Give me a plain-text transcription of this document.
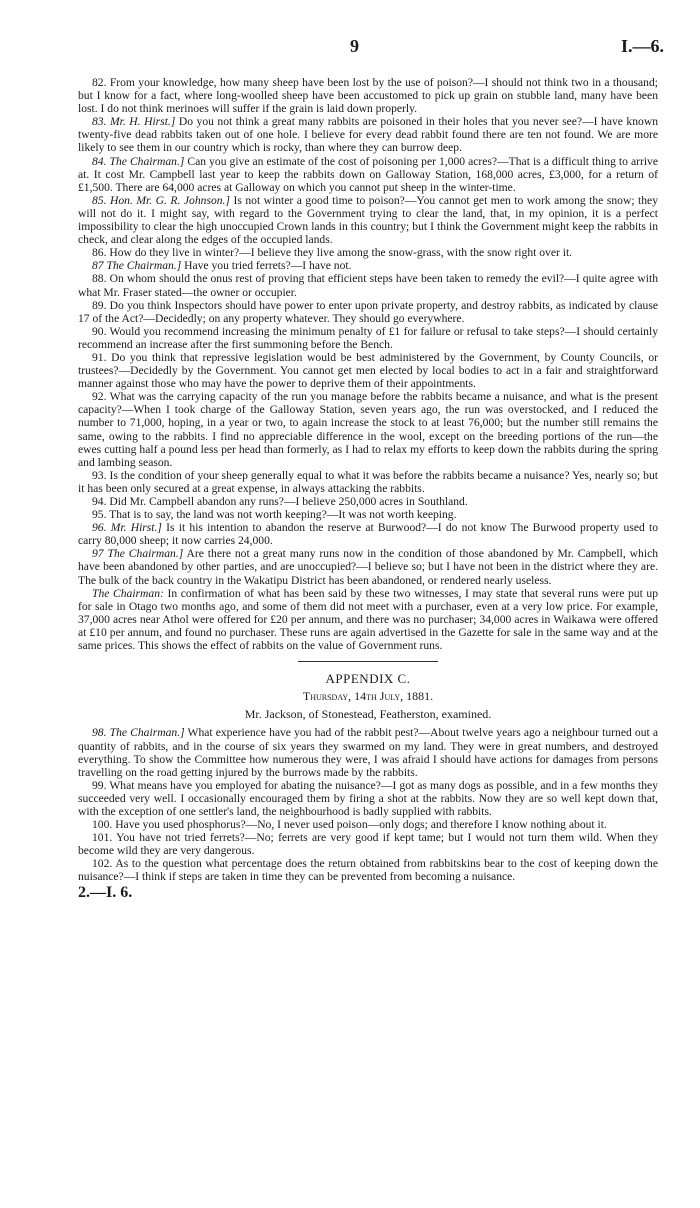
9	I.—6.

82. From your knowledge, how many sheep have been lost by the use of poison?—I should not think two in a thousand; but I know for a fact, where long-woolled sheep have been accustomed to pick up grain on stubble land, many have been lost. I do not think merinoes will suffer if the grain is laid down properly.

83. Mr. H. Hirst.] Do you not think a great many rabbits are poisoned in their holes that you never see?—I have known twenty-five dead rabbits taken out of one hole. I believe for every dead rabbit found there are ten not found. We are more likely to see them in our country which is rocky, than where they can burrow deep.

84. The Chairman.] Can you give an estimate of the cost of poisoning per 1,000 acres?—That is a difficult thing to arrive at. It cost Mr. Campbell last year to keep the rabbits down on Galloway Station, 168,000 acres, £3,000, for a return of £1,500. There are 64,000 acres at Galloway on which you cannot put sheep in the winter-time.

85. Hon. Mr. G. R. Johnson.] Is not winter a good time to poison?—You cannot get men to work among the snow; they will not do it. I might say, with regard to the Government trying to clear the land, that, in my opinion, it is a perfect impossibility to clear the high unoccupied Crown lands in this country; but I think the Government might keep the rabbits in check, and clear along the edges of the occupied lands.

86. How do they live in winter?—I believe they live among the snow-grass, with the snow right over it.

87 The Chairman.] Have you tried ferrets?—I have not.

88. On whom should the onus rest of proving that efficient steps have been taken to remedy the evil?—I quite agree with what Mr. Fraser stated—the owner or occupier.

89. Do you think Inspectors should have power to enter upon private property, and destroy rabbits, as indicated by clause 17 of the Act?—Decidedly; on any property whatever. They should go everywhere.

90. Would you recommend increasing the minimum penalty of £1 for failure or refusal to take steps?—I should certainly recommend an increase after the first summoning before the Bench.

91. Do you think that repressive legislation would be best administered by the Government, by County Councils, or trustees?—Decidedly by the Government. You cannot get men elected by local bodies to act in a fair and straightforward manner against those who may have the power to deprive them of their appointments.

92. What was the carrying capacity of the run you manage before the rabbits became a nuisance, and what is the present capacity?—When I took charge of the Galloway Station, seven years ago, the run was overstocked, and I reduced the number to 71,000, hoping, in a year or two, to again increase the stock to at least 76,000; but the number still remains the same, owing to the rabbits. I find no appreciable difference in the wool, except on the breeding portions of the run—the ewes cutting half a pound less per head than formerly, as I had to relax my efforts to keep down the rabbits during the spring and lambing season.

93. Is the condition of your sheep generally equal to what it was before the rabbits became a nuisance? Yes, nearly so; but it has been only secured at a great expense, in always attacking the rabbits.

94. Did Mr. Campbell abandon any runs?—I believe 250,000 acres in Southland.

95. That is to say, the land was not worth keeping?—It was not worth keeping.

96. Mr. Hirst.] Is it his intention to abandon the reserve at Burwood?—I do not know The Burwood property used to carry 80,000 sheep; it now carries 24,000.

97 The Chairman.] Are there not a great many runs now in the condition of those abandoned by Mr. Campbell, which have been abandoned by other parties, and are unoccupied?—I believe so; but I have not been in the district where they are. The bulk of the back country in the Wakatipu District has been abandoned, or rendered nearly useless.

The Chairman: In confirmation of what has been said by these two witnesses, I may state that several runs were put up for sale in Otago two months ago, and some of them did not meet with a purchaser, even at a very low price. For example, 37,000 acres near Athol were offered for £20 per annum, and there was no purchaser; 34,000 acres in Waikawa were offered at £10 per annum, and found no purchaser. These runs are again advertised in the Gazette for sale in the same way and at the same prices. This shows the effect of rabbits on the value of Government runs.

APPENDIX C.

Thursday, 14th July, 1881.

Mr. Jackson, of Stonestead, Featherston, examined.

98. The Chairman.] What experience have you had of the rabbit pest?—About twelve years ago a neighbour turned out a quantity of rabbits, and in the course of six years they swarmed on my land. They were in great numbers, and destroyed everything. To show the Committee how numerous they were, I was afraid I should have actions for damages from persons travelling on the road getting injured by the burrows made by the rabbits.

99. What means have you employed for abating the nuisance?—I got as many dogs as possible, and in a few months they succeeded very well. I occasionally encouraged them by firing a shot at the rabbits. Now they are so well kept down that, with the exception of one settler's land, the neighbourhood is badly supplied with rabbits.

100. Have you used phosphorus?—No, I never used poison—only dogs; and therefore I know nothing about it.

101. You have not tried ferrets?—No; ferrets are very good if kept tame; but I would not turn them wild. When they become wild they are very dangerous.

102. As to the question what percentage does the return obtained from rabbitskins bear to the cost of keeping down the nuisance?—I think if steps are taken in time they can be prevented from becoming a nuisance.

2.—I. 6.
